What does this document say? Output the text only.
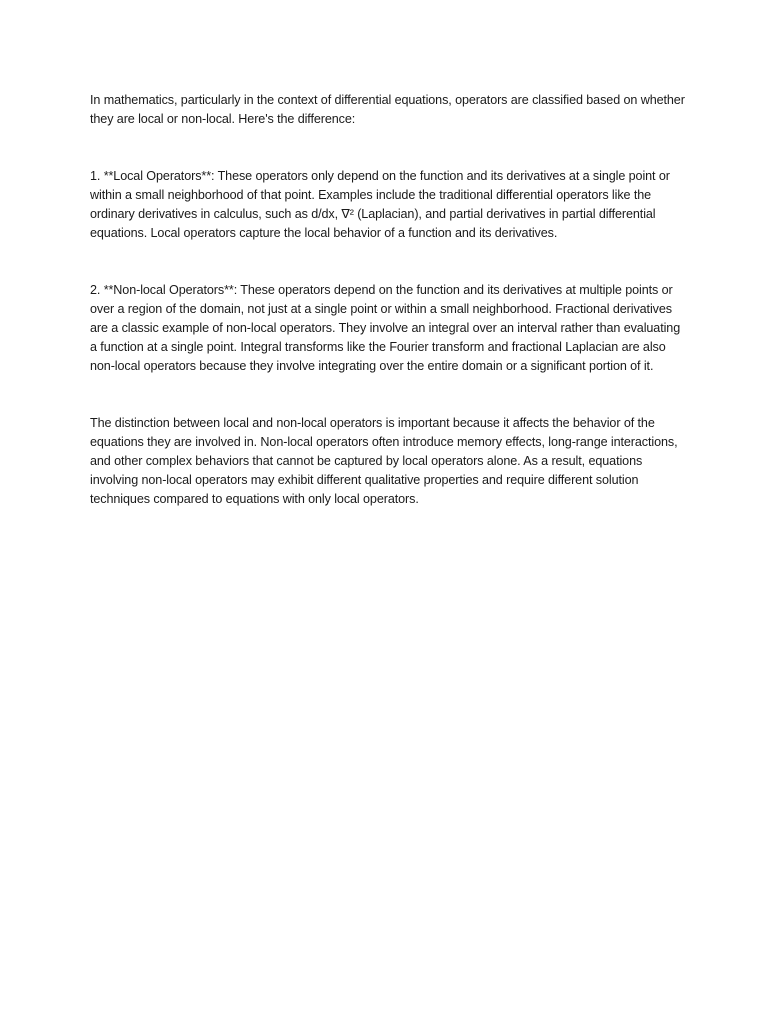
In mathematics, particularly in the context of differential equations, operators are classified based on whether they are local or non-local. Here's the difference:

1. **Local Operators**: These operators only depend on the function and its derivatives at a single point or within a small neighborhood of that point. Examples include the traditional differential operators like the ordinary derivatives in calculus, such as d/dx, ∇² (Laplacian), and partial derivatives in partial differential equations. Local operators capture the local behavior of a function and its derivatives.

2. **Non-local Operators**: These operators depend on the function and its derivatives at multiple points or over a region of the domain, not just at a single point or within a small neighborhood. Fractional derivatives are a classic example of non-local operators. They involve an integral over an interval rather than evaluating a function at a single point. Integral transforms like the Fourier transform and fractional Laplacian are also non-local operators because they involve integrating over the entire domain or a significant portion of it.

The distinction between local and non-local operators is important because it affects the behavior of the equations they are involved in. Non-local operators often introduce memory effects, long-range interactions, and other complex behaviors that cannot be captured by local operators alone. As a result, equations involving non-local operators may exhibit different qualitative properties and require different solution techniques compared to equations with only local operators.
